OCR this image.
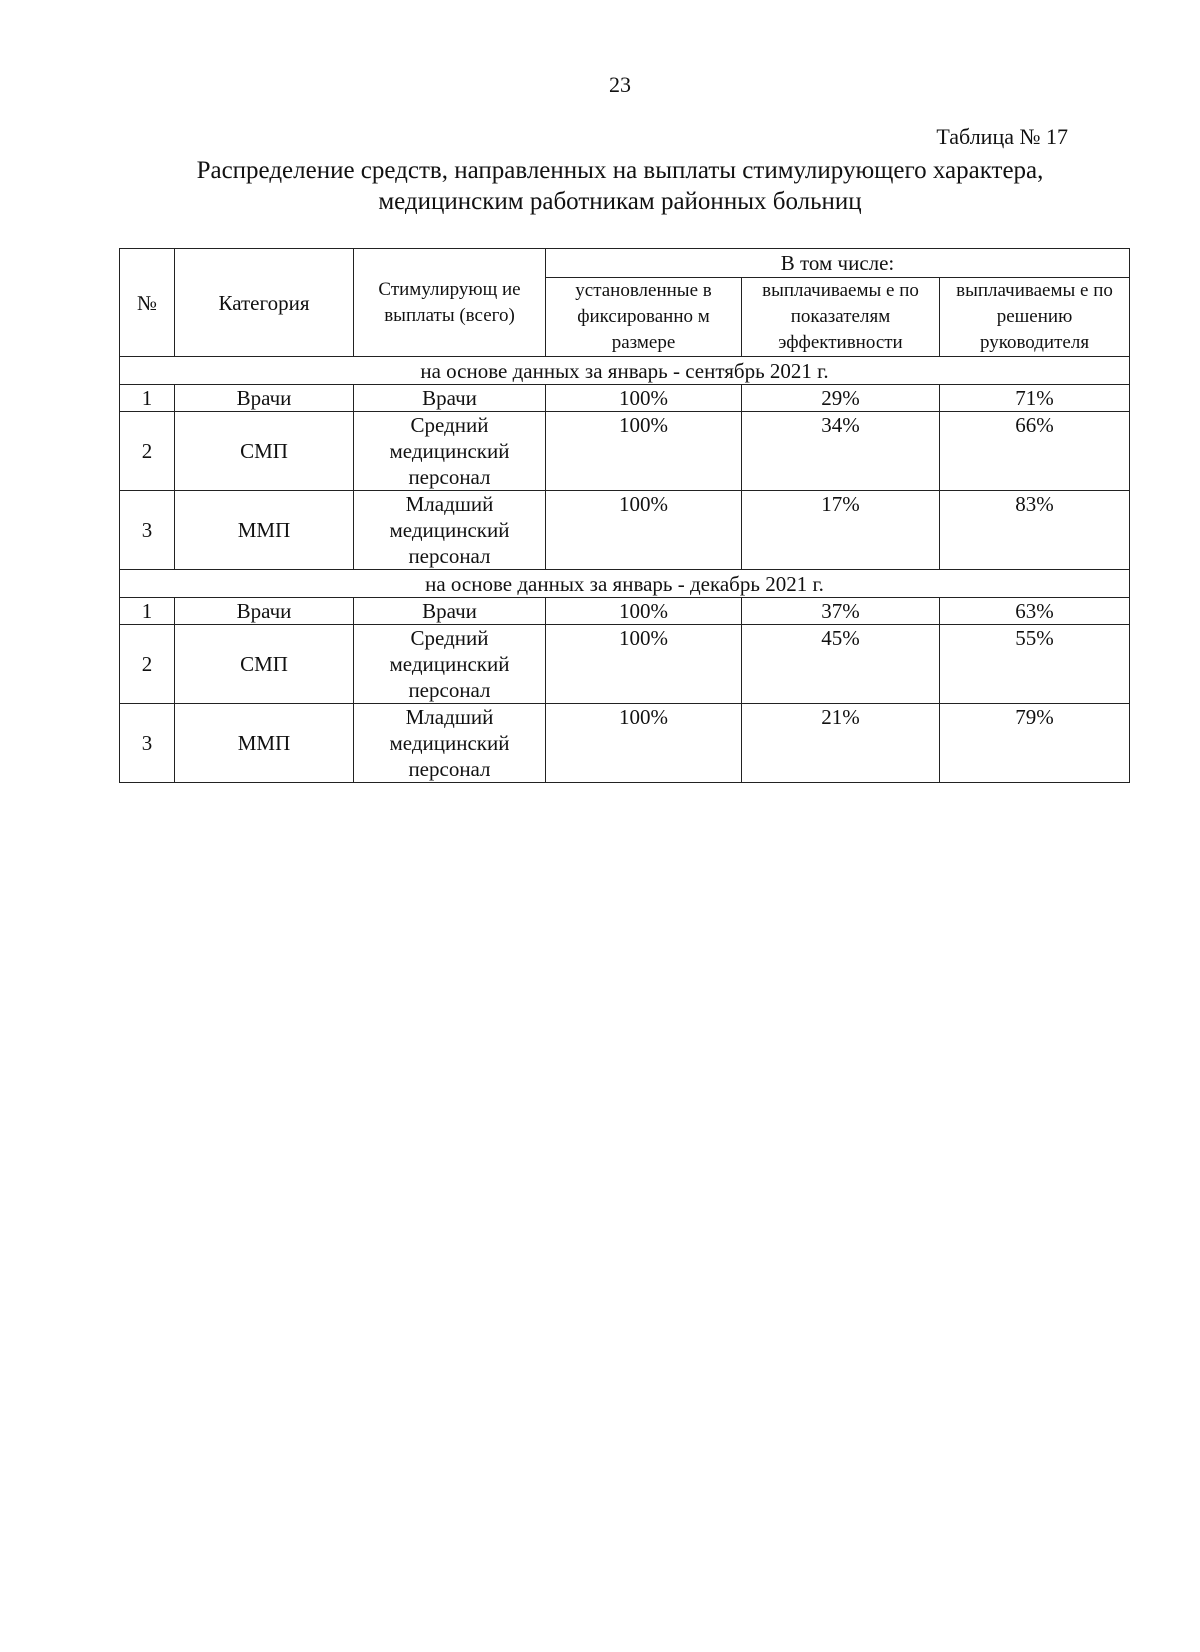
23
Таблица № 17
Распределение средств, направленных на выплаты стимулирующего характера,
медицинским работникам районных больниц
№	Категория	Стимулирующ ие выплаты (всего)	В том числе:		
			установленные в фиксированно м размере	выплачиваемы е по показателям эффективности	выплачиваемы е по решению руководителя
на основе данных за январь - сентябрь 2021 г.					
1	Врачи	Врачи	100%	29%	71%
2	СМП	Средний медицинский персонал	100%	34%	66%
3	ММП	Младший медицинский персонал	100%	17%	83%
на основе данных за январь - декабрь 2021 г.					
1	Врачи	Врачи	100%	37%	63%
2	СМП	Средний медицинский персонал	100%	45%	55%
3	ММП	Младший медицинский персонал	100%	21%	79%
